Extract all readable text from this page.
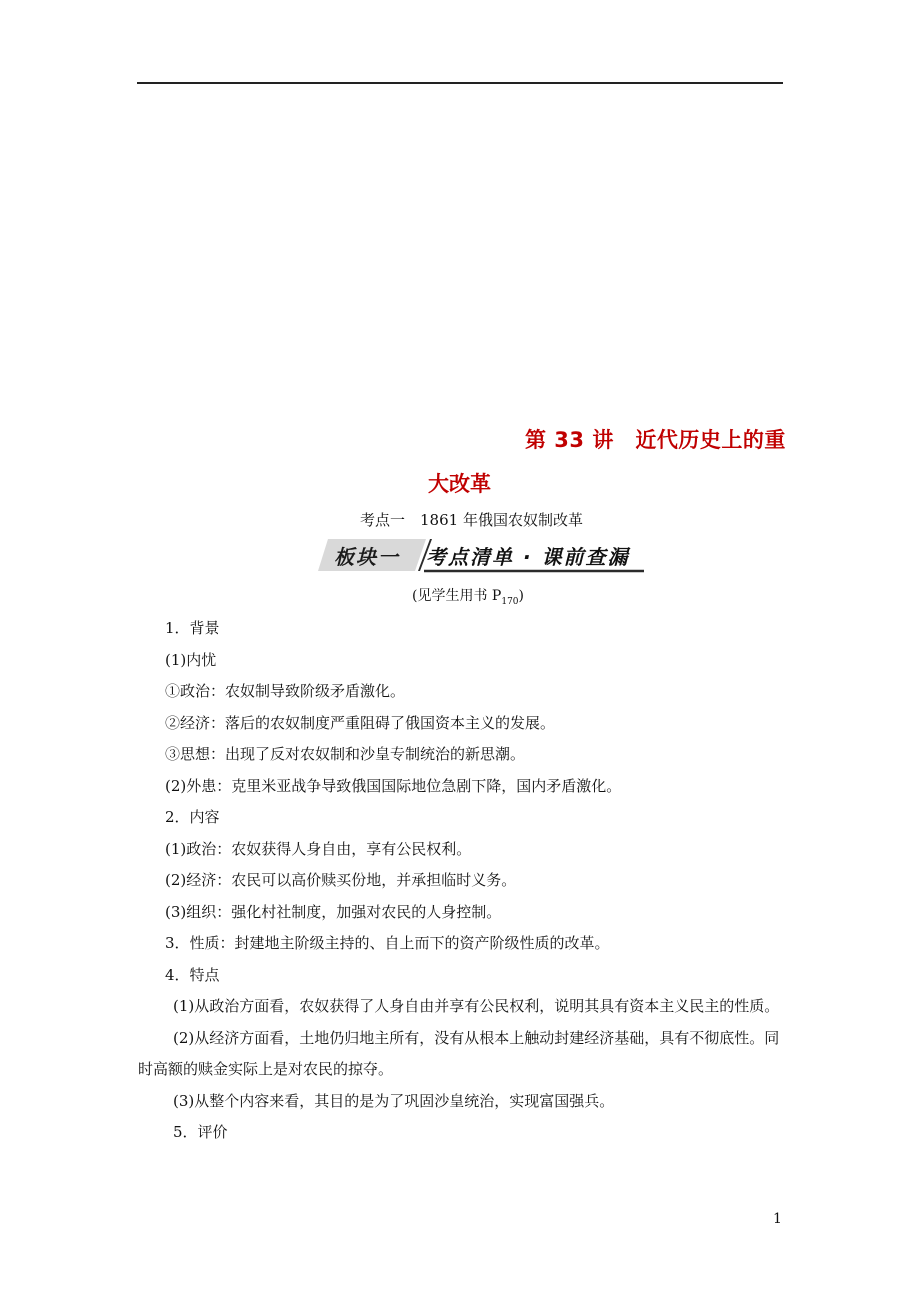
第 33 讲　近代历史上的重
大改革
考点一　1861 年俄国农奴制改革
板块一	考点清单 · 课前查漏
(见学生用书 $P_{170}$)

1．背景

(1)内忧

①政治：农奴制导致阶级矛盾激化。

②经济：落后的农奴制度严重阻碍了俄国资本主义的发展。

③思想：出现了反对农奴制和沙皇专制统治的新思潮。

(2)外患：克里米亚战争导致俄国国际地位急剧下降，国内矛盾激化。

2．内容

(1)政治：农奴获得人身自由，享有公民权利。

(2)经济：农民可以高价赎买份地，并承担临时义务。

(3)组织：强化村社制度，加强对农民的人身控制。

3．性质：封建地主阶级主持的、自上而下的资产阶级性质的改革。

4．特点

(1)从政治方面看，农奴获得了人身自由并享有公民权利，说明其具有资本主义民主的性质。

(2)从经济方面看，土地仍归地主所有，没有从根本上触动封建经济基础，具有不彻底性。同时高额的赎金实际上是对农民的掠夺。

(3)从整个内容来看，其目的是为了巩固沙皇统治，实现富国强兵。

5．评价

1
